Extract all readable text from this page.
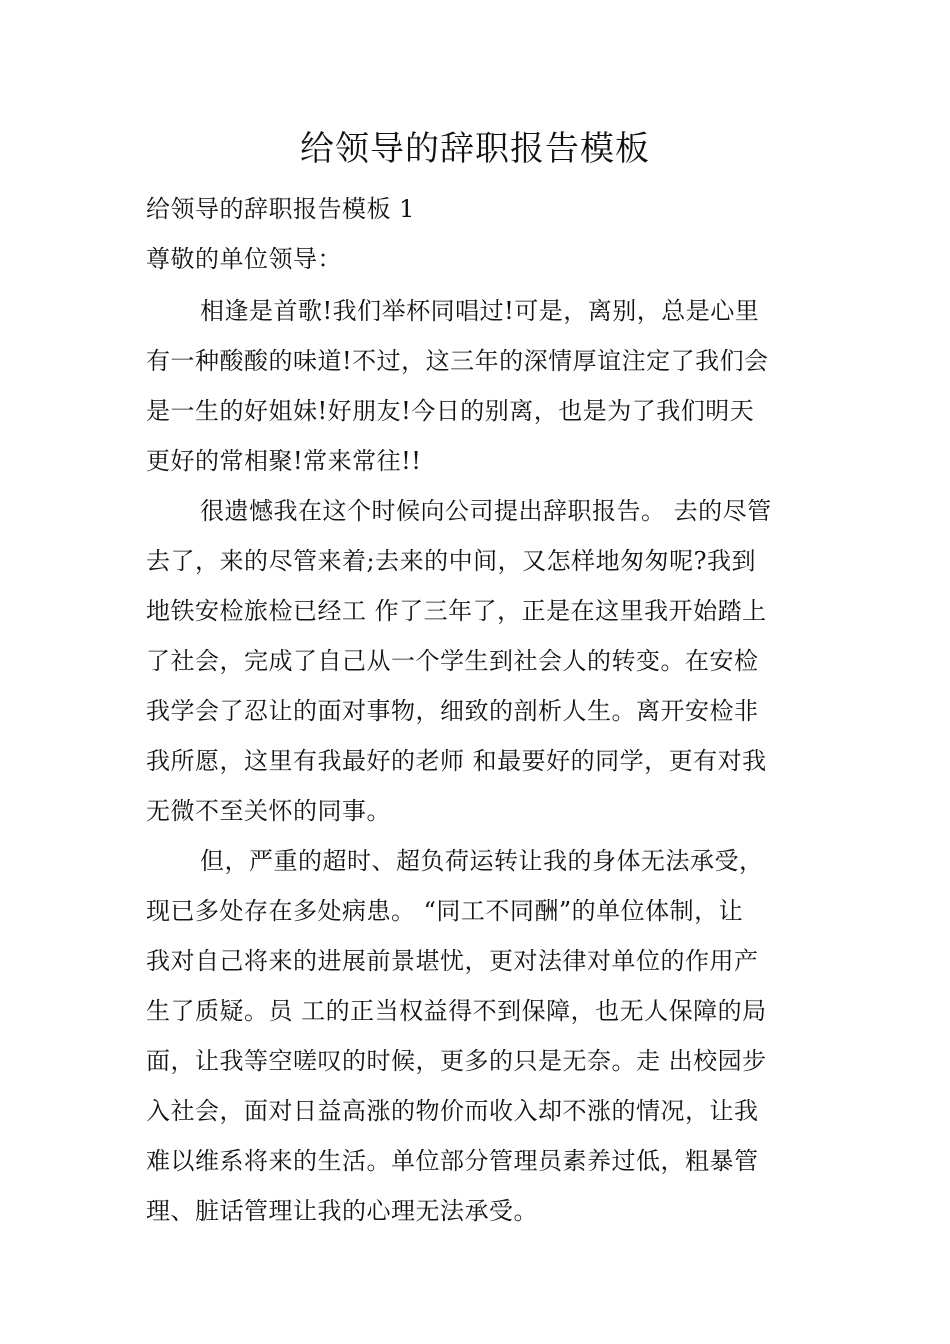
给领导的辞职报告模板
给领导的辞职报告模板 1
尊敬的单位领导：
相逢是首歌!我们举杯同唱过!可是，离别，总是心里
有一种酸酸的味道!不过，这三年的深情厚谊注定了我们会
是一生的好姐妹!好朋友!今日的别离，也是为了我们明天
更好的常相聚!常来常往!!
很遗憾我在这个时候向公司提出辞职报告。 去的尽管
去了，来的尽管来着;去来的中间，又怎样地匆匆呢?我到
地铁安检旅检已经工 作了三年了，正是在这里我开始踏上
了社会，完成了自己从一个学生到社会人的转变。在安检
我学会了忍让的面对事物，细致的剖析人生。离开安检非
我所愿，这里有我最好的老师 和最要好的同学，更有对我
无微不至关怀的同事。
但，严重的超时、超负荷运转让我的身体无法承受，
现已多处存在多处病患。 “同工不同酬”的单位体制，让
我对自己将来的进展前景堪忧，更对法律对单位的作用产
生了质疑。员 工的正当权益得不到保障，也无人保障的局
面，让我等空嗟叹的时候，更多的只是无奈。走 出校园步
入社会，面对日益高涨的物价而收入却不涨的情况，让我
难以维系将来的生活。单位部分管理员素养过低，粗暴管
理、脏话管理让我的心理无法承受。
